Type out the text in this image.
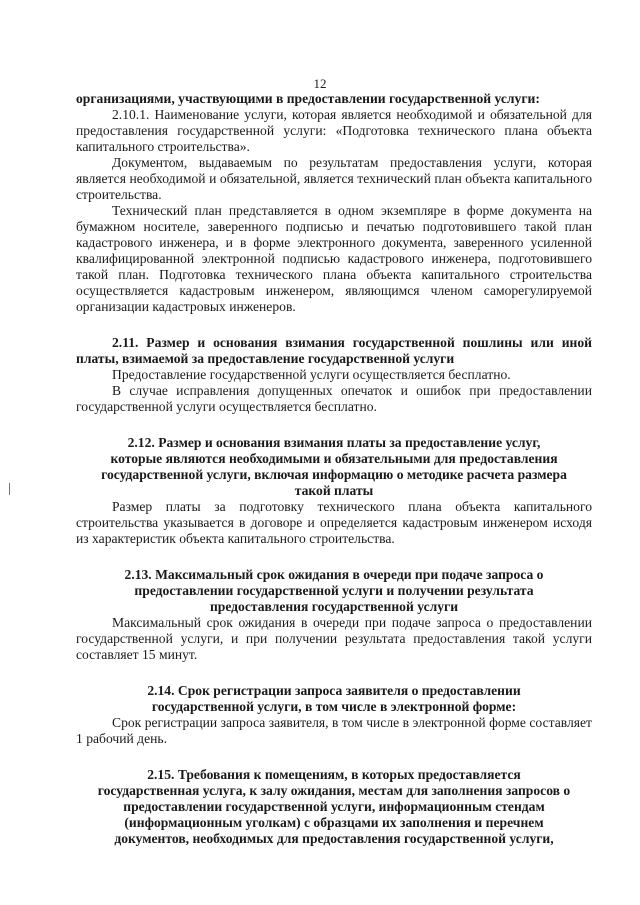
12

организациями, участвующими в предоставлении государственной услуги:

2.10.1. Наименование услуги, которая является необходимой и обязательной для предоставления государственной услуги: «Подготовка технического плана объекта капитального строительства».

Документом, выдаваемым по результатам предоставления услуги, которая является необходимой и обязательной, является технический план объекта капитального строительства.

Технический план представляется в одном экземпляре в форме документа на бумажном носителе, заверенного подписью и печатью подготовившего такой план кадастрового инженера, и в форме электронного документа, заверенного усиленной квалифицированной электронной подписью кадастрового инженера, подготовившего такой план. Подготовка технического плана объекта капитального строительства осуществляется кадастровым инженером, являющимся членом саморегулируемой организации кадастровых инженеров.

2.11. Размер и основания взимания государственной пошлины или иной платы, взимаемой за предоставление государственной услуги

Предоставление государственной услуги осуществляется бесплатно.

В случае исправления допущенных опечаток и ошибок при предоставлении государственной услуги осуществляется бесплатно.

2.12. Размер и основания взимания платы за предоставление услуг,
которые являются необходимыми и обязательными для предоставления
государственной услуги, включая информацию о методике расчета размера
такой платы

Размер платы за подготовку технического плана объекта капитального строительства указывается в договоре и определяется кадастровым инженером исходя из характеристик объекта капитального строительства.

2.13. Максимальный срок ожидания в очереди при подаче запроса о
предоставлении государственной услуги и получении результата
предоставления государственной услуги

Максимальный срок ожидания в очереди при подаче запроса о предоставлении государственной услуги, и при получении результата предоставления такой услуги составляет 15 минут.

2.14. Срок регистрации запроса заявителя о предоставлении
государственной услуги, в том числе в электронной форме:

Срок регистрации запроса заявителя, в том числе в электронной форме составляет 1 рабочий день.

2.15. Требования к помещениям, в которых предоставляется
государственная услуга, к залу ожидания, местам для заполнения запросов о
предоставлении государственной услуги, информационным стендам
(информационным уголкам) с образцами их заполнения и перечнем
документов, необходимых для предоставления государственной услуги,
